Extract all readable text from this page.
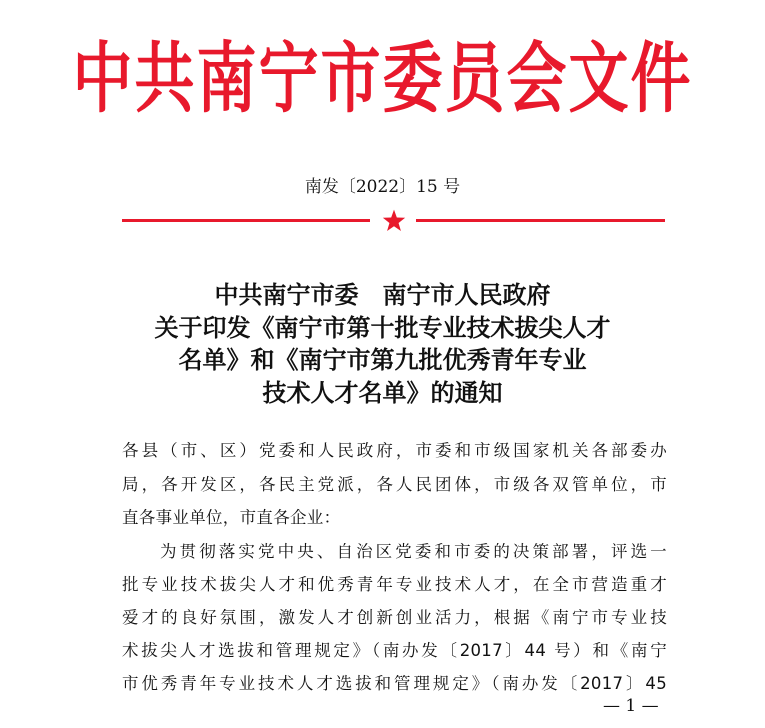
中共南宁市委员会文件
南发〔2022〕15 号
中共南宁市委　南宁市人民政府
关于印发《南宁市第十批专业技术拔尖人才
名单》和《南宁市第九批优秀青年专业
技术人才名单》的通知
各县（市、区）党委和人民政府，市委和市级国家机关各部委办
局，各开发区，各民主党派，各人民团体，市级各双管单位，市
直各事业单位，市直各企业：
为贯彻落实党中央、自治区党委和市委的决策部署，评选一
批专业技术拔尖人才和优秀青年专业技术人才，在全市营造重才
爱才的良好氛围，激发人才创新创业活力，根据《南宁市专业技
术拔尖人才选拔和管理规定》（南办发〔2017〕44 号）和《南宁
市优秀青年专业技术人才选拔和管理规定》（南办发〔2017〕45
— 1 —
